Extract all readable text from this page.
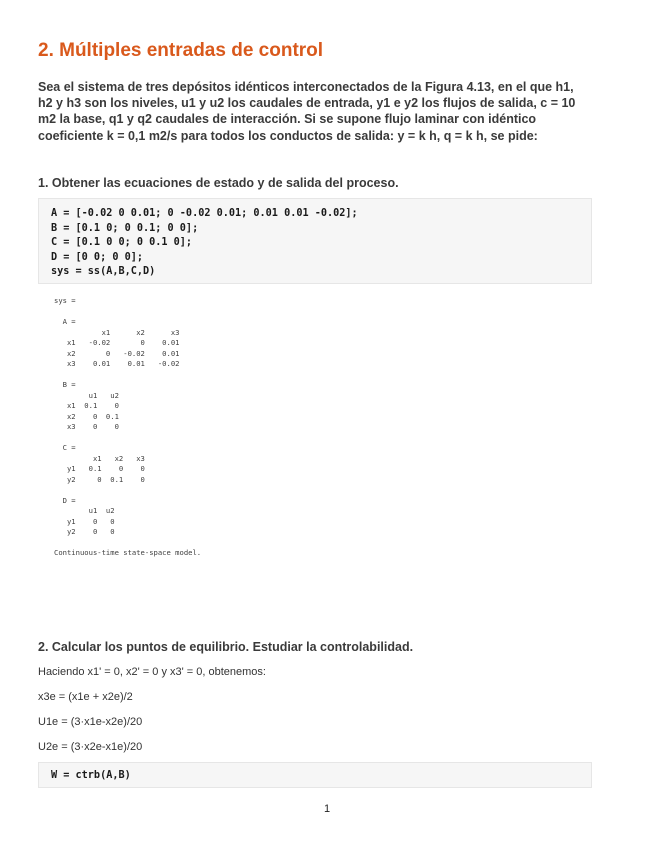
2. Múltiples entradas de control

Sea el sistema de tres depósitos idénticos interconectados de la Figura 4.13, en el que h1, h2 y h3 son los niveles, u1 y u2 los caudales de entrada, y1 e y2 los flujos de salida, c = 10 m2 la base, q1 y q2 caudales de interacción. Si se supone flujo laminar con idéntico coeficiente k = 0,1 m2/s para todos los conductos de salida: y = k h, q = k h, se pide:

1. Obtener las ecuaciones de estado y de salida del proceso.

A = [-0.02 0 0.01; 0 -0.02 0.01; 0.01 0.01 -0.02];
B = [0.1 0; 0 0.1; 0 0];
C = [0.1 0 0; 0 0.1 0];
D = [0 0; 0 0];
sys = ss(A,B,C,D)
sys =

A =
x1      x2      x3
x1   -0.02       0    0.01
x2       0   -0.02    0.01
x3    0.01    0.01   -0.02

B =
u1   u2
x1  0.1    0
x2    0  0.1
x3    0    0

C =
x1   x2   x3
y1   0.1    0    0
y2     0  0.1    0

D =
u1  u2
y1    0   0
y2    0   0

Continuous-time state-space model.

2. Calcular los puntos de equilibrio. Estudiar la controlabilidad.

Haciendo x1' = 0, x2' = 0 y x3' = 0, obtenemos:

x3e = (x1e + x2e)/2

U1e = (3·x1e-x2e)/20

U2e = (3·x2e-x1e)/20

W = ctrb(A,B)
1
